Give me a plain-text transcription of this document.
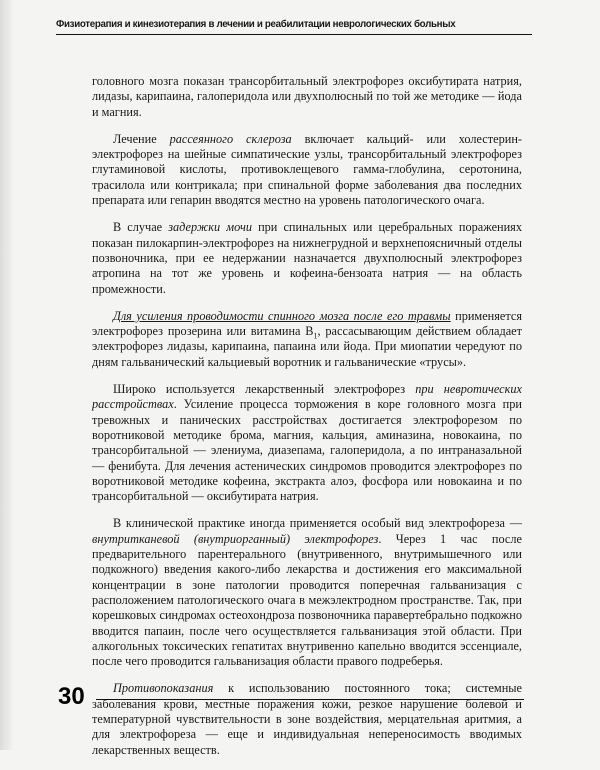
Физиотерапия и кинезиотерапия в лечении и реабилитации неврологических больных

головного мозга показан трансорбитальный электрофорез оксибутирата натрия, лидазы, карипаина, галоперидола или двухполюсный по той же методике — йода и магния.

Лечение рассеянного склероза включает кальций- или холестерин-электрофорез на шейные симпатические узлы, трансорбитальный электрофорез глутаминовой кислоты, противоклещевого гамма-глобулина, серотонина, трасилола или контрикала; при спинальной форме заболевания два последних препарата или гепарин вводятся местно на уровень патологического очага.

В случае задержки мочи при спинальных или церебральных поражениях показан пилокарпин-электрофорез на нижнегрудной и верхнепоясничный отделы позвоночника, при ее недержании назначается двухполюсный электрофорез атропина на тот же уровень и кофеина-бензоата натрия — на область промежности.

Для усиления проводимости спинного мозга после его травмы применяется электрофорез прозерина или витамина $B_1$, рассасывающим действием обладает электрофорез лидазы, карипаина, папаина или йода. При миопатии чередуют по дням гальванический кальциевый воротник и гальванические «трусы».

Широко используется лекарственный электрофорез при невротических расстройствах. Усиление процесса торможения в коре головного мозга при тревожных и панических расстройствах достигается электрофорезом по воротниковой методике брома, магния, кальция, аминазина, новокаина, по трансорбитальной — элениума, диазепама, галоперидола, а по интраназальной — фенибута. Для лечения астенических синдромов проводится электрофорез по воротниковой методике кофеина, экстракта алоэ, фосфора или новокаина и по трансорбитальной — оксибутирата натрия.

В клинической практике иногда применяется особый вид электрофореза — внутритканевой (внутриорганный) электрофорез. Через 1 час после предварительного парентерального (внутривенного, внутримышечного или подкожного) введения какого-либо лекарства и достижения его максимальной концентрации в зоне патологии проводится поперечная гальванизация с расположением патологического очага в межэлектродном пространстве. Так, при корешковых синдромах остеохондроза позвоночника паравертебрально подкожно вводится папаин, после чего осуществляется гальванизация этой области. При алкогольных токсических гепатитах внутривенно капельно вводится эссенциале, после чего проводится гальванизация области правого подреберья.

Противопоказания к использованию постоянного тока; системные заболевания крови, местные поражения кожи, резкое нарушение болевой и температурной чувствительности в зоне воздействия, мерцательная аритмия, а для электрофореза — еще и индивидуальная непереносимость вводимых лекарственных веществ.

30
